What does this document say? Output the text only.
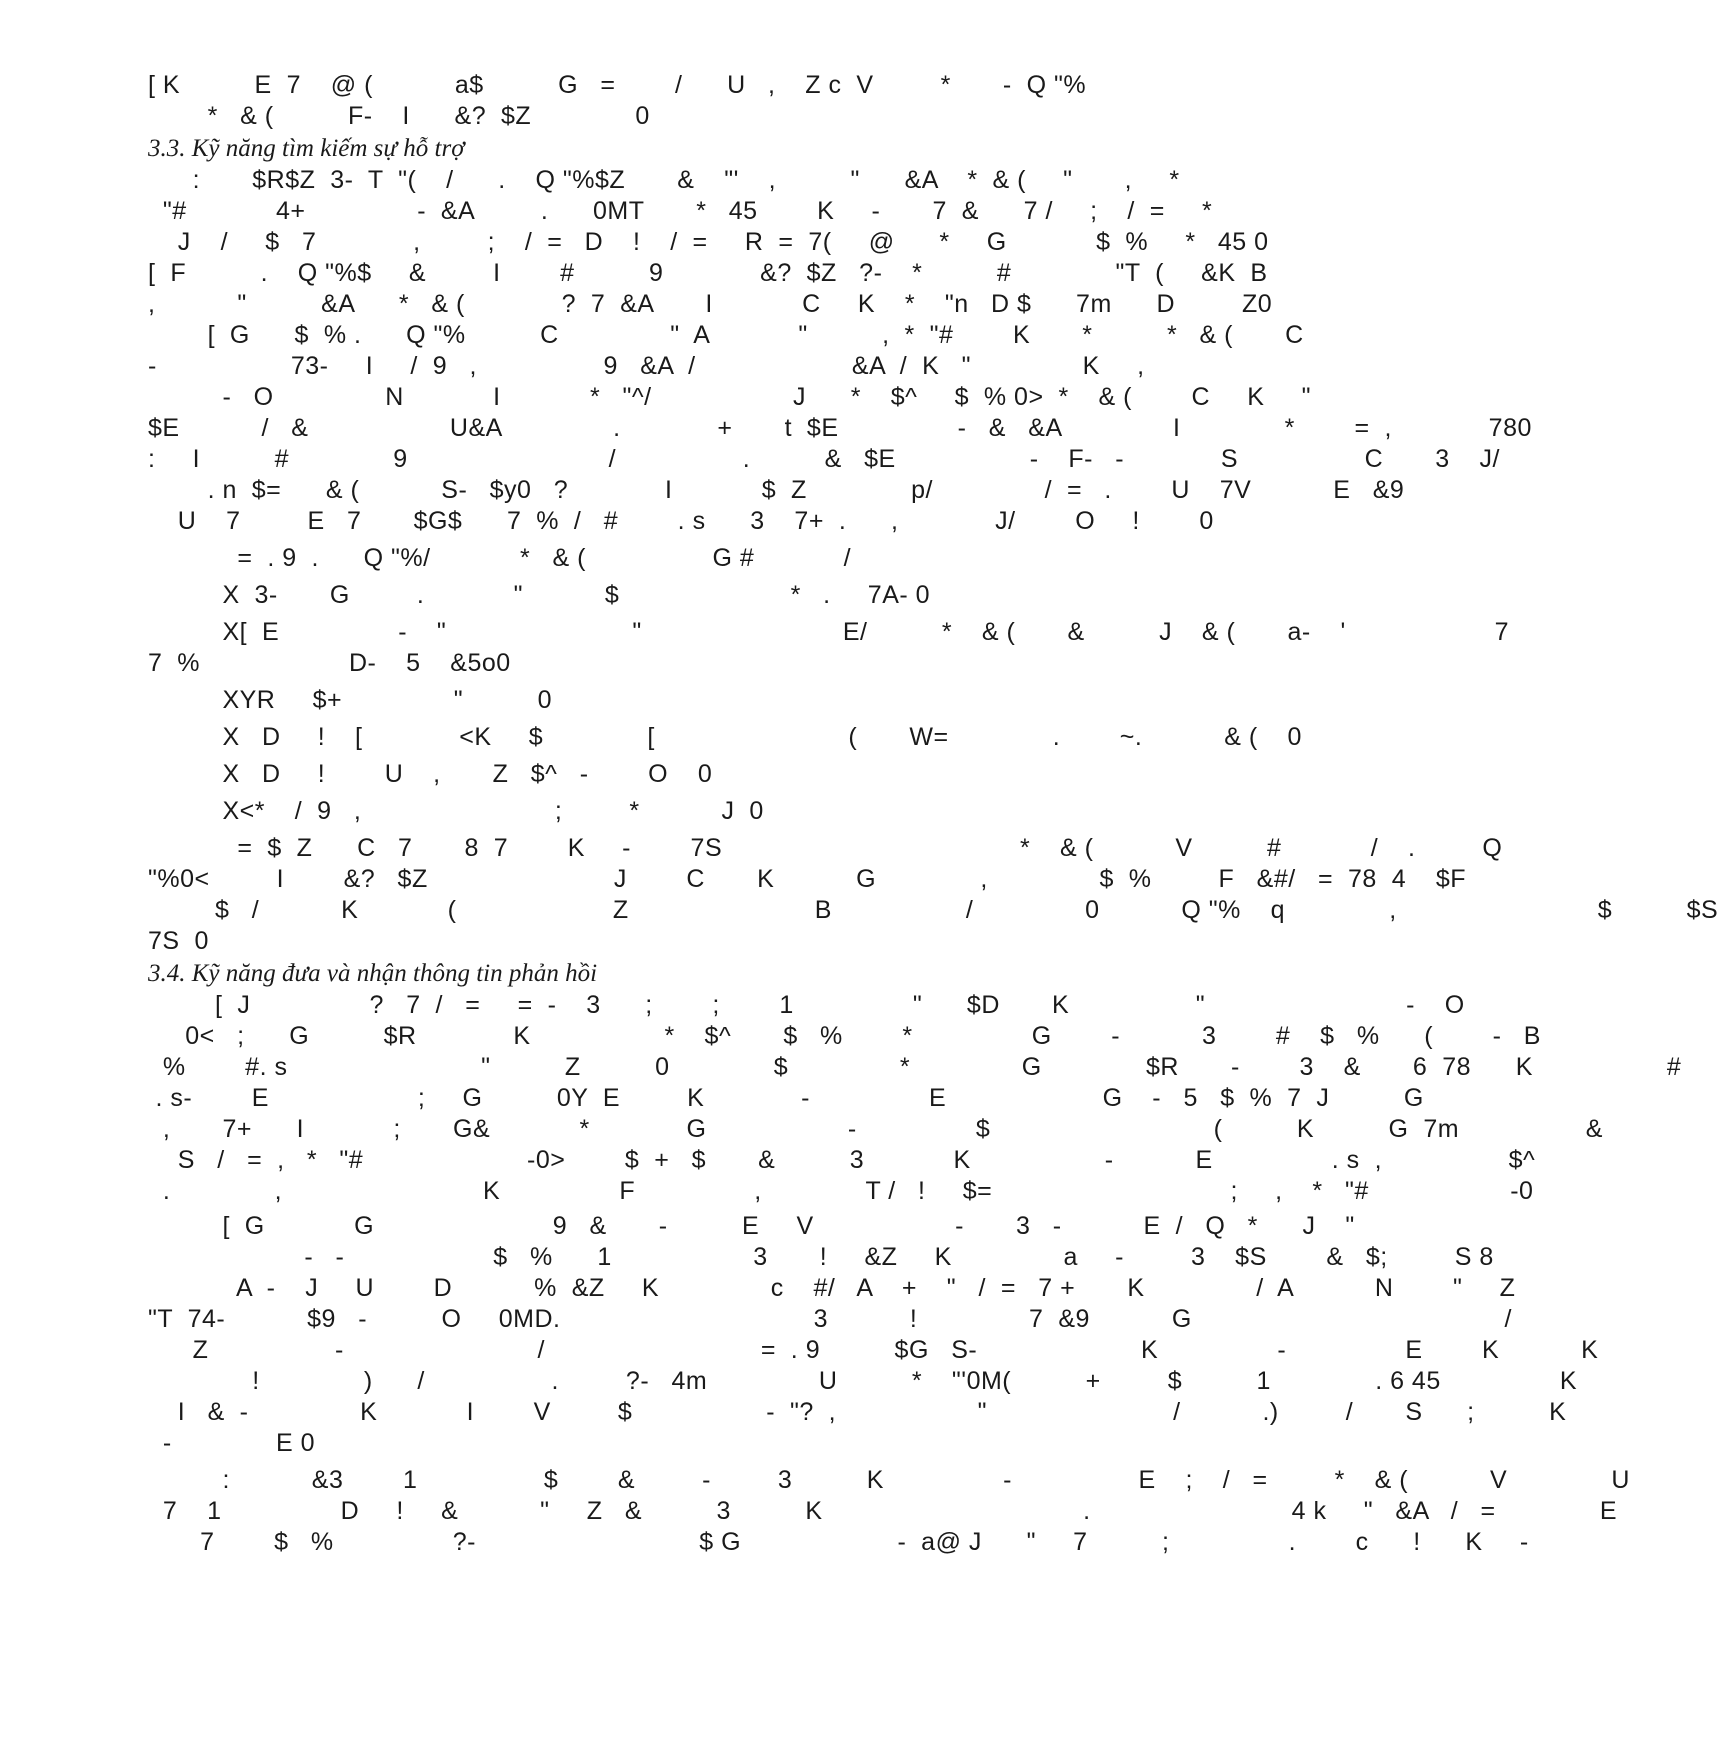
[ K          E  7    @ (           a$          G   =        /      U   ,    Z c  V         *       -  Q "%
*   & (          F-    I      &?  $Z              0
3.3. Kỹ năng tìm kiếm sự hỗ trợ
:       $R$Z  3-  T  "(    /      .    Q "%$Z       &    "'    ,          "      &A    *  & (     "       ,     *
"#            4+               -  &A         .      0MT       *   45        K     -       7  &      7 /     ;    /  =     *
J    /     $   7             ,         ;    /  =   D    !    /  =     R  =  7(     @      *     G            $  %     *   45 0
[  F          .    Q "%$     &         I        #          9             &?  $Z   ?-    *          #              "T  (     &K  B
,           "          &A      *   & (             ?  7  &A       I            C     K    *    "n   D $      7m      D         Z0
[  G      $  % .      Q "%          C               "  A            "          ,  *  "#        K       *          *   & (       C
-                  73-     I     /  9   ,                 9   &A  /                     &A  /  K   "               K     ,
-   O               N            I            *   "^/                   J      *    $^     $  % 0>  *    & (        C     K     "
$E           /   &                   U&A               .             +       t  $E                -   &   &A               I              *        =  ,             780
:     I          #              9                           /                 .          &   $E                  -    F-   -             S                 C       3    J/
. n  $=      & (           S-   $y0   ?             I            $  Z              p/               /  =   .        U    7V           E   &9
U    7         E   7       $G$      7  %  /   #        . s      3    7+  .      ,             J/        O     !        0
=  . 9  .      Q "%/            *   & (                 G #            /
X  3-       G         .            "           $                       *   .     7A- 0
X[  E                -    "                         "                           E/          *    & (       &          J    & (       a-    '                    7
7  %                    D-    5    &5o0
XYR     $+               "          0
X   D     !    [             <K     $              [                          (       W=              .        ~.           & (    0
X   D     !        U    ,       Z   $^   -        O    0
X<*    /  9   ,                          ;         *           J  0
=  $  Z      C   7       8  7        K     -        7S                                        *    & (           V          #            /    .         Q
"%0<         I        &?   $Z                         J        C       K           G              ,               $  %         F   &#/   =  78  4    $F
$   /           K            (                     Z                         B                  /               0           Q "%    q              ,                           $          $S
7S  0
3.4. Kỹ năng đưa và nhận thông tin phản hồi
[  J                ?   7  /   =     =  -    3      ;        ;        1                "      $D       K                 "                           -    O
0<   ;      G          $R             K                  *    $^       $   %        *                G        -           3        #    $   %      (        -   B
%        #. s                          "          Z          0              $               *               G              $R       -        3    &       6  78      K                  #
. s-        E                    ;     G          0Y  E         K             -                E                     G    -   5   $  %  7  J          G
,       7+      I            ;       G&            *             G                   -                $                              (          K          G  7m                 &
S   /   =  ,   *   "#                      -0>        $  +   $       &          3            K                  -           E                . s  ,                 $^
.              ,                           K                F                ,              T /   !     $=                                ;     ,    *   "#                   -0
[  G            G                        9   &       -          E     V                   -       3   -           E  /   Q   *      J    "
-   -                    $   %      1                   3       !     &Z     K               a     -         3    $S        &   $;         S 8
A  -    J     U        D           %  &Z     K               c    #/   A    +    "   /  =   7 +       K               /  A           N        "     Z
"T  74-           $9   -          O     0MD.                                  3           !               7  &9           G                                          /
Z                 -                          /                             =  . 9          $G   S-                      K                -                E        K           K
!              )      /                 .         ?-   4m               U          *    "'0M(          +         $          1              . 6 45                K
I   &  -               K            I        V         $                  -  "?  ,                   "                         /           .)         /       S      ;          K
-              E 0
:           &3        1                 $        &         -         3          K                -                 E    ;    /   =         *    & (           V              U
7    1                D     !     &           "     Z   &          3          K                                   .                           4 k     "   &A   /   =              E
7        $   %                ?-                              $ G                     -  a@ J      "     7          ;                .        c      !      K     -
